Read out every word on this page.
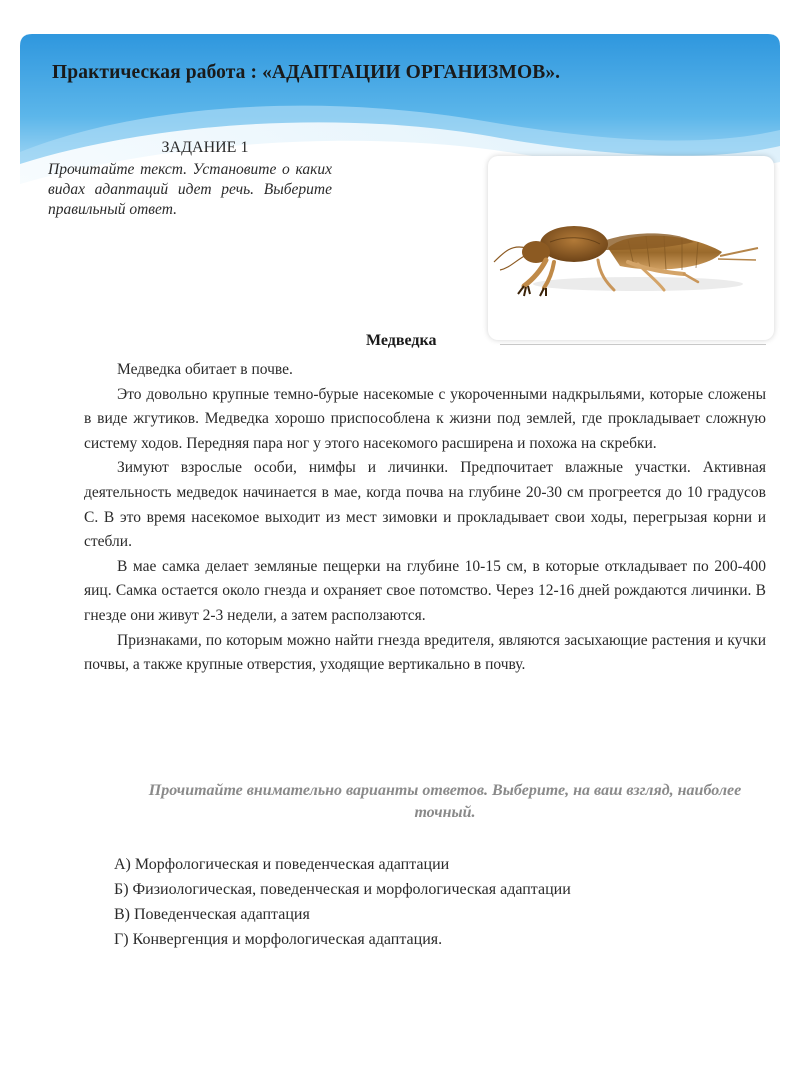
Практическая работа : «АДАПТАЦИИ ОРГАНИЗМОВ».
ЗАДАНИЕ 1
Прочитайте текст. Установите о каких видах адаптаций идет речь. Выберите правильный ответ.
Медведка

Медведка обитает в почве.

Это довольно крупные темно-бурые насекомые с укороченными надкрыльями, которые сложены в виде жгутиков. Медведка хорошо приспособлена к жизни под землей, где прокладывает сложную систему ходов. Передняя пара ног у этого насекомого расширена и похожа на скребки.

Зимуют взрослые особи, нимфы и личинки. Предпочитает влажные участки. Активная деятельность медведок начинается в мае, когда почва на глубине 20-30 см прогреется до 10 градусов С. В это время насекомое выходит из мест зимовки и прокладывает свои ходы, перегрызая корни и стебли.

В мае самка делает земляные пещерки на глубине 10-15 см, в которые откладывает по 200-400 яиц. Самка остается около гнезда и охраняет свое потомство. Через 12-16 дней рождаются личинки. В гнезде они живут 2-3 недели, а затем расползаются.

Признаками, по которым можно найти гнезда вредителя, являются засыхающие растения и кучки почвы, а также крупные отверстия, уходящие вертикально в почву.

Прочитайте внимательно варианты ответов. Выберите, на ваш взгляд, наиболее точный.
А) Морфологическая и поведенческая адаптации
Б) Физиологическая, поведенческая и морфологическая адаптации
В) Поведенческая адаптация
Г) Конвергенция и морфологическая адаптация.
